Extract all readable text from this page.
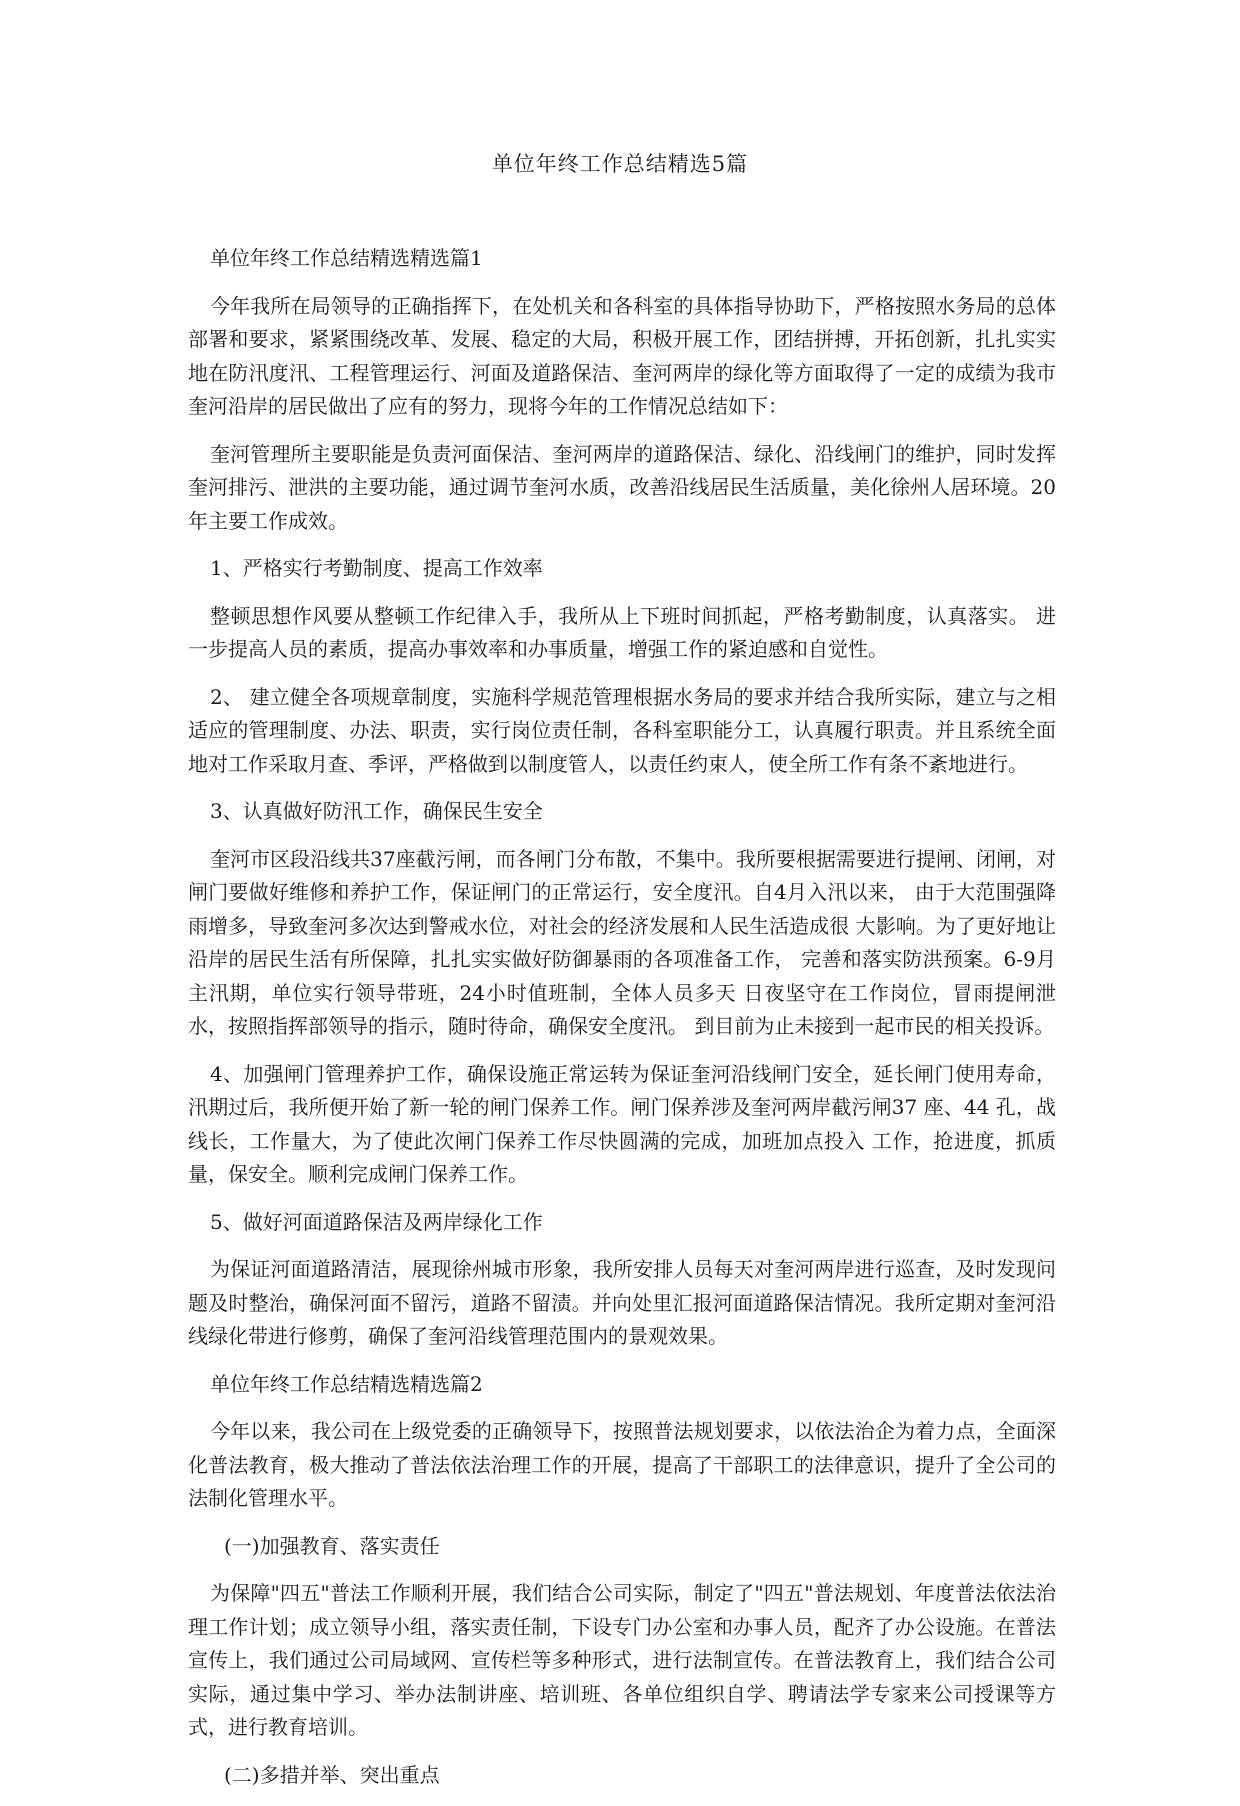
单位年终工作总结精选5篇

单位年终工作总结精选精选篇1

今年我所在局领导的正确指挥下，在处机关和各科室的具体指导协助下，严格按照水务局的总体部署和要求，紧紧围绕改革、发展、稳定的大局，积极开展工作，团结拼搏，开拓创新，扎扎实实地在防汛度汛、工程管理运行、河面及道路保洁、奎河两岸的绿化等方面取得了一定的成绩为我市奎河沿岸的居民做出了应有的努力，现将今年的工作情况总结如下：

奎河管理所主要职能是负责河面保洁、奎河两岸的道路保洁、绿化、沿线闸门的维护，同时发挥奎河排污、泄洪的主要功能，通过调节奎河水质，改善沿线居民生活质量，美化徐州人居环境。20 年主要工作成效。

1、严格实行考勤制度、提高工作效率

整顿思想作风要从整顿工作纪律入手，我所从上下班时间抓起，严格考勤制度，认真落实。 进一步提高人员的素质，提高办事效率和办事质量，增强工作的紧迫感和自觉性。

2、 建立健全各项规章制度，实施科学规范管理根据水务局的要求并结合我所实际，建立与之相适应的管理制度、办法、职责，实行岗位责任制，各科室职能分工，认真履行职责。并且系统全面地对工作采取月查、季评，严格做到以制度管人，以责任约束人，使全所工作有条不紊地进行。

3、认真做好防汛工作，确保民生安全

奎河市区段沿线共37座截污闸，而各闸门分布散，不集中。我所要根据需要进行提闸、闭闸，对闸门要做好维修和养护工作，保证闸门的正常运行，安全度汛。自4月入汛以来， 由于大范围强降雨增多，导致奎河多次达到警戒水位，对社会的经济发展和人民生活造成很 大影响。为了更好地让沿岸的居民生活有所保障，扎扎实实做好防御暴雨的各项准备工作， 完善和落实防洪预案。6-9月主汛期，单位实行领导带班，24小时值班制，全体人员多天 日夜坚守在工作岗位，冒雨提闸泄水，按照指挥部领导的指示，随时待命，确保安全度汛。 到目前为止未接到一起市民的相关投诉。

4、加强闸门管理养护工作，确保设施正常运转为保证奎河沿线闸门安全，延长闸门使用寿命，汛期过后，我所便开始了新一轮的闸门保养工作。闸门保养涉及奎河两岸截污闸37 座、44 孔，战线长，工作量大，为了使此次闸门保养工作尽快圆满的完成，加班加点投入 工作，抢进度，抓质量，保安全。顺利完成闸门保养工作。

5、做好河面道路保洁及两岸绿化工作

为保证河面道路清洁，展现徐州城市形象，我所安排人员每天对奎河两岸进行巡查，及时发现问题及时整治，确保河面不留污，道路不留渍。并向处里汇报河面道路保洁情况。我所定期对奎河沿线绿化带进行修剪，确保了奎河沿线管理范围内的景观效果。

单位年终工作总结精选精选篇2

今年以来，我公司在上级党委的正确领导下，按照普法规划要求，以依法治企为着力点，全面深化普法教育，极大推动了普法依法治理工作的开展，提高了干部职工的法律意识，提升了全公司的法制化管理水平。

(一)加强教育、落实责任

为保障"四五"普法工作顺利开展，我们结合公司实际，制定了"四五"普法规划、年度普法依法治理工作计划；成立领导小组，落实责任制，下设专门办公室和办事人员，配齐了办公设施。在普法宣传上，我们通过公司局域网、宣传栏等多种形式，进行法制宣传。在普法教育上，我们结合公司实际，通过集中学习、举办法制讲座、培训班、各单位组织自学、聘请法学专家来公司授课等方式，进行教育培训。

(二)多措并举、突出重点
